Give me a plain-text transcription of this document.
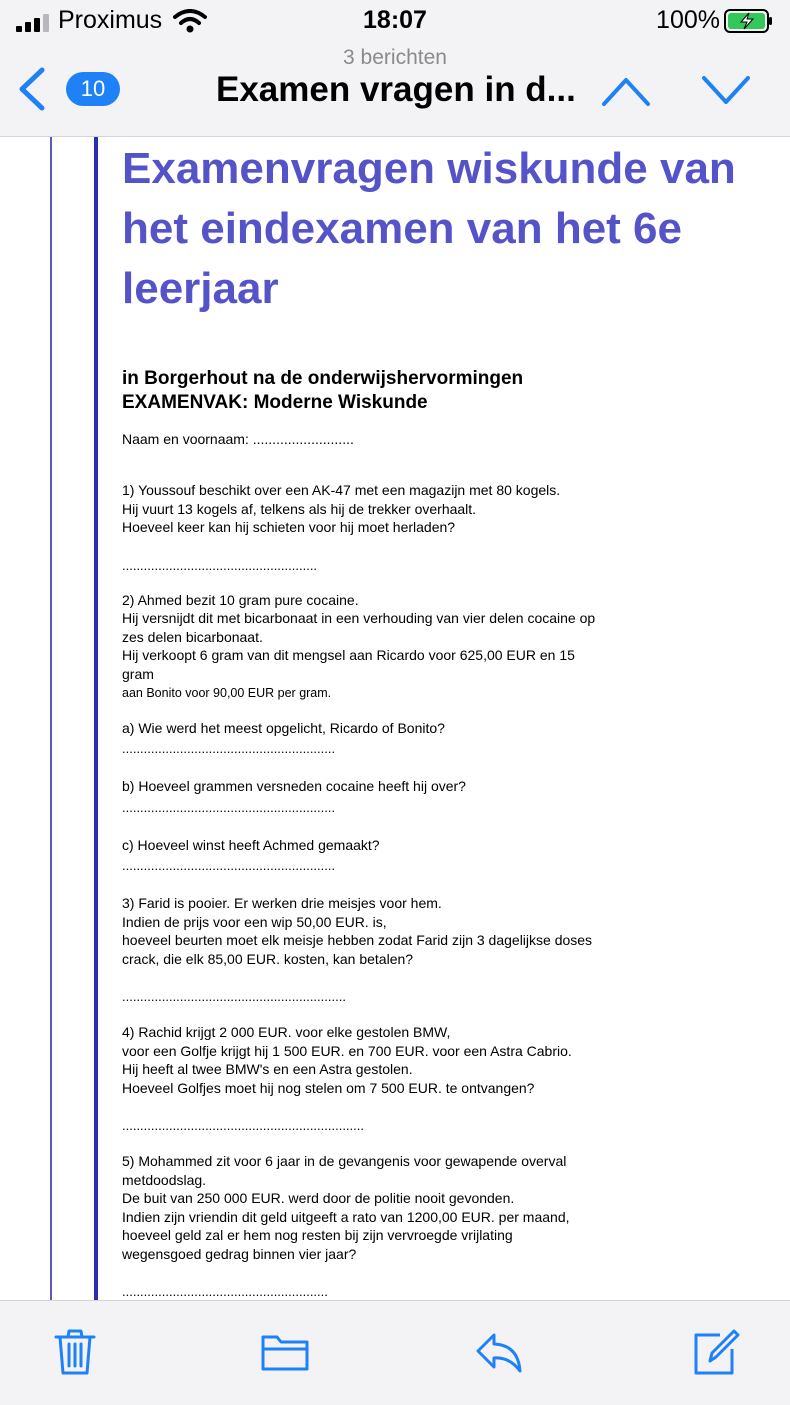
Proximus	18:07	100%
3 berichten
10	Examen vragen in d...
Examenvragen wiskunde van het eindexamen van het 6e leerjaar
in Borgerhout na de onderwijshervormingen
EXAMENVAK: Moderne Wiskunde
Naam en voornaam: ..........................
1) Youssouf beschikt over een AK-47 met een magazijn met 80 kogels.
Hij vuurt 13 kogels af, telkens als hij de trekker overhaalt.
Hoeveel keer kan hij schieten voor hij moet herladen?
......................................................
2) Ahmed bezit 10 gram pure cocaine.
Hij versnijdt dit met bicarbonaat in een verhouding van vier delen cocaine op
zes delen bicarbonaat.
Hij verkoopt 6 gram van dit mengsel aan Ricardo voor 625,00 EUR en 15
gram
aan Bonito voor 90,00 EUR per gram.
a) Wie werd het meest opgelicht, Ricardo of Bonito?
...........................................................
b) Hoeveel grammen versneden cocaine heeft hij over?
...........................................................
c) Hoeveel winst heeft Achmed gemaakt?
...........................................................
3) Farid is pooier. Er werken drie meisjes voor hem.
Indien de prijs voor een wip 50,00 EUR. is,
hoeveel beurten moet elk meisje hebben zodat Farid zijn 3 dagelijkse doses
crack, die elk 85,00 EUR. kosten, kan betalen?
..............................................................
4) Rachid krijgt 2 000 EUR. voor elke gestolen BMW,
voor een Golfje krijgt hij 1 500 EUR. en 700 EUR. voor een Astra Cabrio.
Hij heeft al twee BMW's en een Astra gestolen.
Hoeveel Golfjes moet hij nog stelen om 7 500 EUR. te ontvangen?
...................................................................
5) Mohammed zit voor 6 jaar in de gevangenis voor gewapende overval
metdoodslag.
De buit van 250 000 EUR. werd door de politie nooit gevonden.
Indien zijn vriendin dit geld uitgeeft a rato van 1200,00 EUR. per maand,
hoeveel geld zal er hem nog resten bij zijn vervroegde vrijlating
wegensgoed gedrag binnen vier jaar?
.........................................................
